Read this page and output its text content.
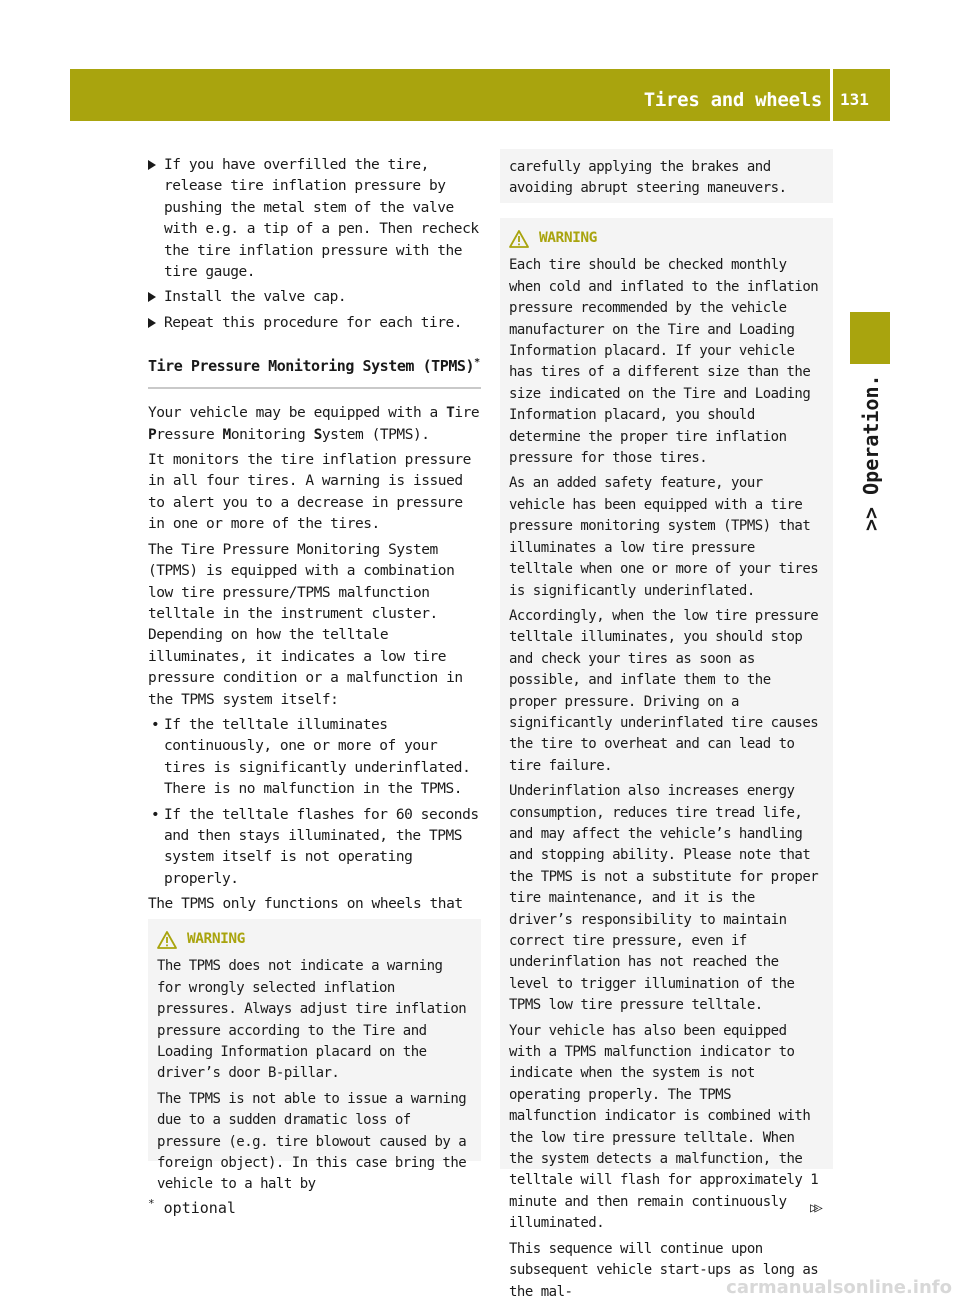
Tires and wheels 131
>> Operation.
If you have overfilled the tire, release tire inflation pressure by pushing the metal stem of the valve with e.g. a tip of a pen. Then recheck the tire inflation pressure with the tire gauge.
Install the valve cap.
Repeat this procedure for each tire.
Tire Pressure Monitoring System (TPMS)*

Your vehicle may be equipped with a Tire Pressure Monitoring System (TPMS).

It monitors the tire inflation pressure in all four tires. A warning is issued to alert you to a decrease in pressure in one or more of the tires.

The Tire Pressure Monitoring System (TPMS) is equipped with a combination low tire pressure/TPMS malfunction telltale in the instrument cluster. Depending on how the telltale illuminates, it indicates a low tire pressure condition or a malfunction in the TPMS system itself:

• If the telltale illuminates continuously, one or more of your tires is significantly underinflated. There is no malfunction in the TPMS.
• If the telltale flashes for 60 seconds and then stays illuminated, the TPMS system itself is not operating properly.

The TPMS only functions on wheels that

WARNING

The TPMS does not indicate a warning for wrongly selected inflation pressures. Always adjust tire inflation pressure according to the Tire and Loading Information placard on the driver’s door B-pillar.

The TPMS is not able to issue a warning due to a sudden dramatic loss of pressure (e.g. tire blowout caused by a foreign object). In this case bring the vehicle to a halt by

carefully applying the brakes and avoiding abrupt steering maneuvers.

WARNING

Each tire should be checked monthly when cold and inflated to the inflation pressure recommended by the vehicle manufacturer on the Tire and Loading Information placard. If your vehicle has tires of a different size than the size indicated on the Tire and Loading Information placard, you should determine the proper tire inflation pressure for those tires.

As an added safety feature, your vehicle has been equipped with a tire pressure monitoring system (TPMS) that illuminates a low tire pressure telltale when one or more of your tires is significantly underinflated.

Accordingly, when the low tire pressure telltale illuminates, you should stop and check your tires as soon as possible, and inflate them to the proper pressure. Driving on a significantly underinflated tire causes the tire to overheat and can lead to tire failure.

Underinflation also increases energy consumption, reduces tire tread life, and may affect the vehicle’s handling and stopping ability. Please note that the TPMS is not a substitute for proper tire maintenance, and it is the driver’s responsibility to maintain correct tire pressure, even if underinflation has not reached the level to trigger illumination of the TPMS low tire pressure telltale.

Your vehicle has also been equipped with a TPMS malfunction indicator to indicate when the system is not operating properly. The TPMS malfunction indicator is combined with the low tire pressure telltale. When the system detects a malfunction, the telltale will flash for approximately 1 minute and then remain continuously illuminated.

This sequence will continue upon subsequent vehicle start-ups as long as the mal-

* optional	▷▷
carmanualsonline.info
